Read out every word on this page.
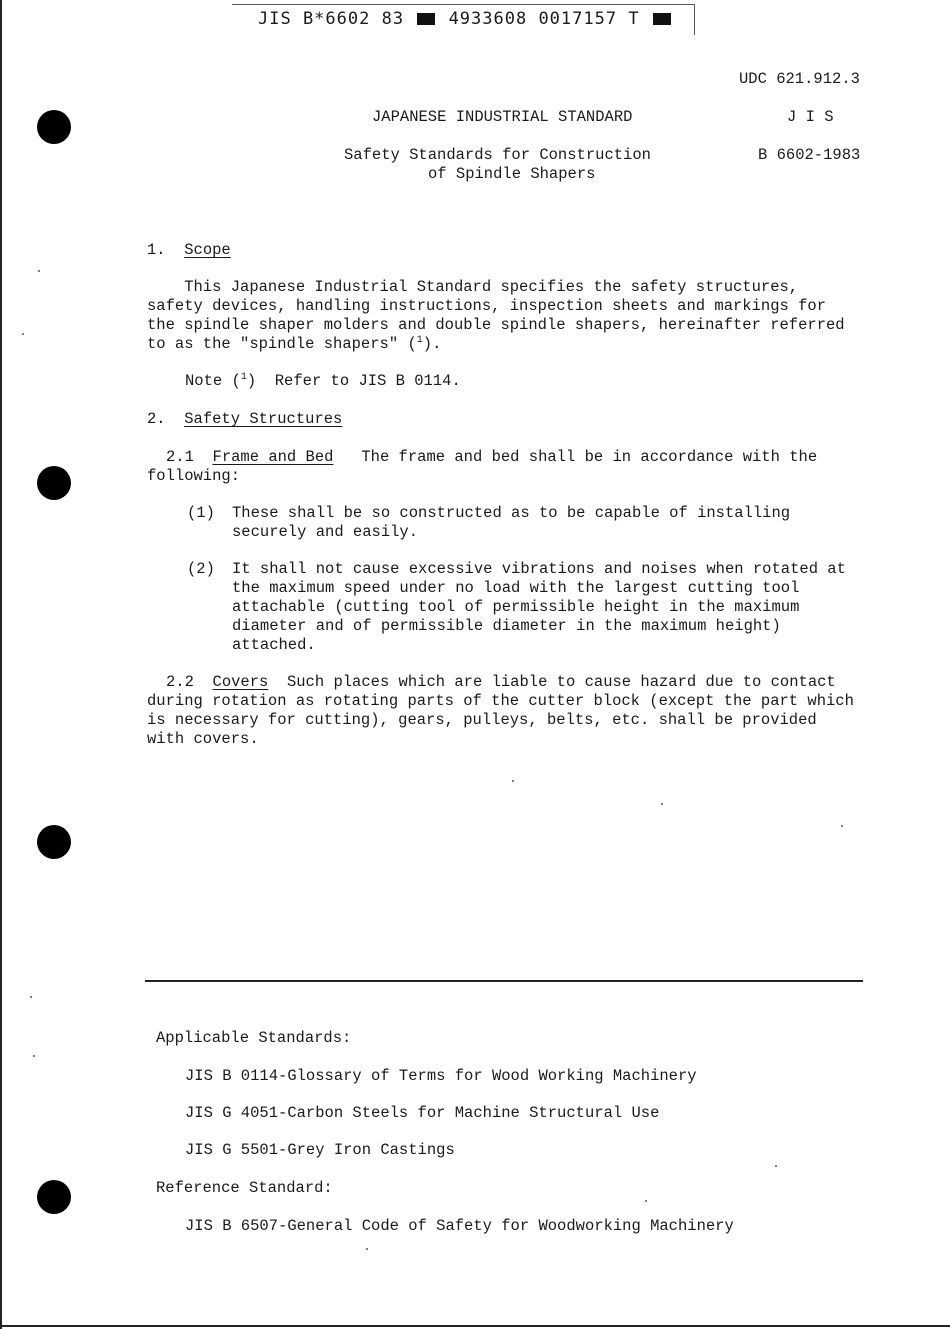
JIS B*6602 83	4933608 0017157 T
UDC 621.912.3
JAPANESE INDUSTRIAL STANDARD	J I S
Safety Standards for Construction
of Spindle Shapers
B 6602-1983
1. Scope
This Japanese Industrial Standard specifies the safety structures,
safety devices, handling instructions, inspection sheets and markings for
the spindle shaper molders and double spindle shapers, hereinafter referred
to as the "spindle shapers" ($^1$).
Note ($^1$)  Refer to JIS B 0114.
2. Safety Structures
2.1 Frame and Bed The frame and bed shall be in accordance with the
following:
(1) These shall be so constructed as to be capable of installing
securely and easily.
(2) It shall not cause excessive vibrations and noises when rotated at
the maximum speed under no load with the largest cutting tool
attachable (cutting tool of permissible height in the maximum
diameter and of permissible diameter in the maximum height)
attached.
2.2 Covers Such places which are liable to cause hazard due to contact
during rotation as rotating parts of the cutter block (except the part which
is necessary for cutting), gears, pulleys, belts, etc. shall be provided
with covers.
Applicable Standards:
JIS B 0114-Glossary of Terms for Wood Working Machinery
JIS G 4051-Carbon Steels for Machine Structural Use
JIS G 5501-Grey Iron Castings
Reference Standard:
JIS B 6507-General Code of Safety for Woodworking Machinery
